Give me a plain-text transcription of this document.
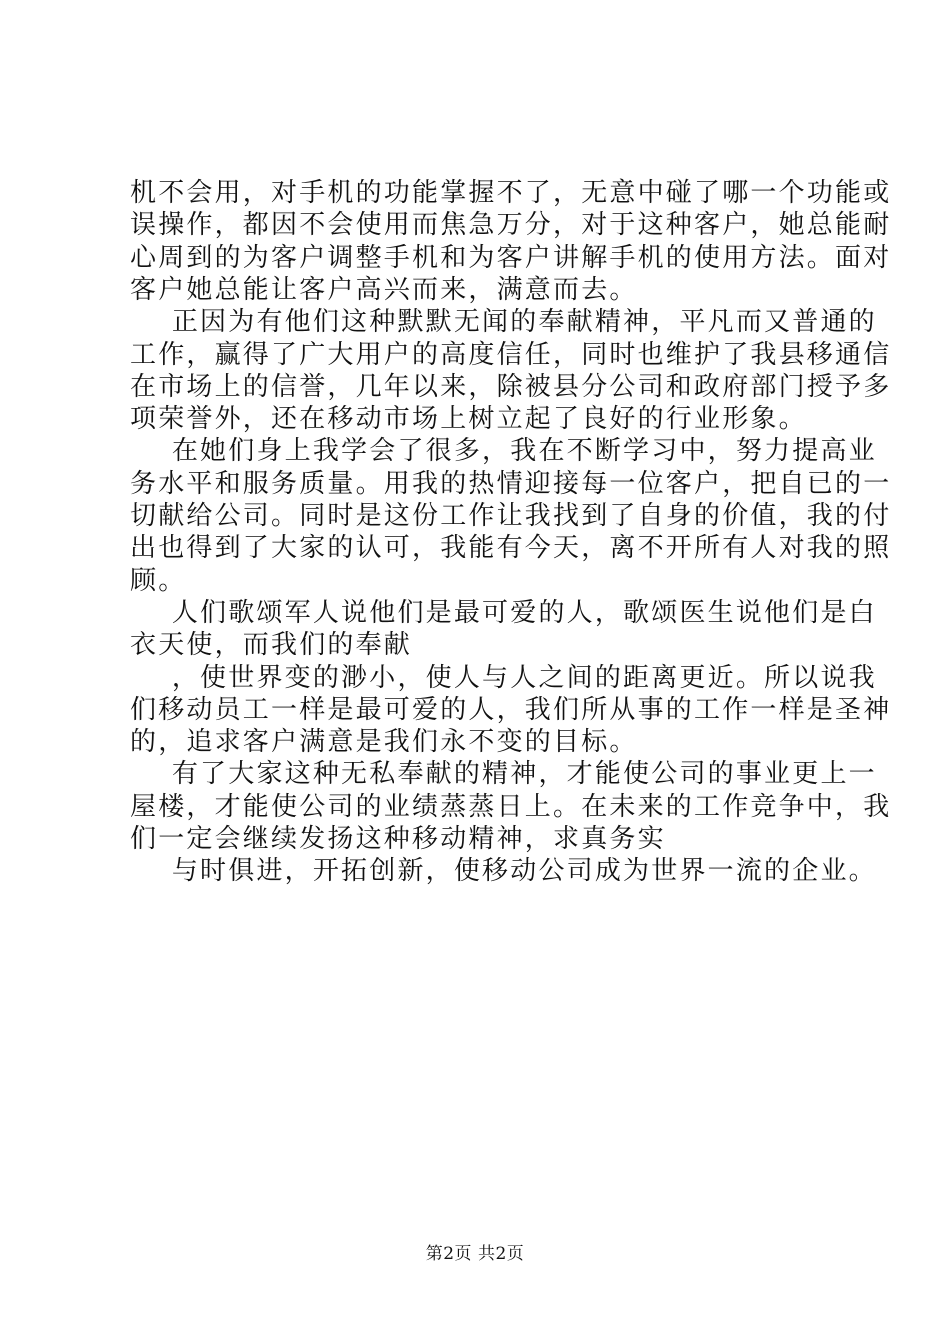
机不会用，对手机的功能掌握不了，无意中碰了哪一个功能或
误操作，都因不会使用而焦急万分，对于这种客户，她总能耐
心周到的为客户调整手机和为客户讲解手机的使用方法。面对
客户她总能让客户高兴而来，满意而去。
正因为有他们这种默默无闻的奉献精神，平凡而又普通的
工作，赢得了广大用户的高度信任，同时也维护了我县移通信
在市场上的信誉，几年以来，除被县分公司和政府部门授予多
项荣誉外，还在移动市场上树立起了良好的行业形象。
在她们身上我学会了很多，我在不断学习中，努力提高业
务水平和服务质量。用我的热情迎接每一位客户，把自已的一
切献给公司。同时是这份工作让我找到了自身的价值，我的付
出也得到了大家的认可，我能有今天，离不开所有人对我的照
顾。
人们歌颂军人说他们是最可爱的人，歌颂医生说他们是白
衣天使，而我们的奉献
，使世界变的渺小，使人与人之间的距离更近。所以说我
们移动员工一样是最可爱的人，我们所从事的工作一样是圣神
的，追求客户满意是我们永不变的目标。
有了大家这种无私奉献的精神，才能使公司的事业更上一
屋楼，才能使公司的业绩蒸蒸日上。在未来的工作竞争中，我
们一定会继续发扬这种移动精神，求真务实
与时俱进，开拓创新，使移动公司成为世界一流的企业。
第2页 共2页
